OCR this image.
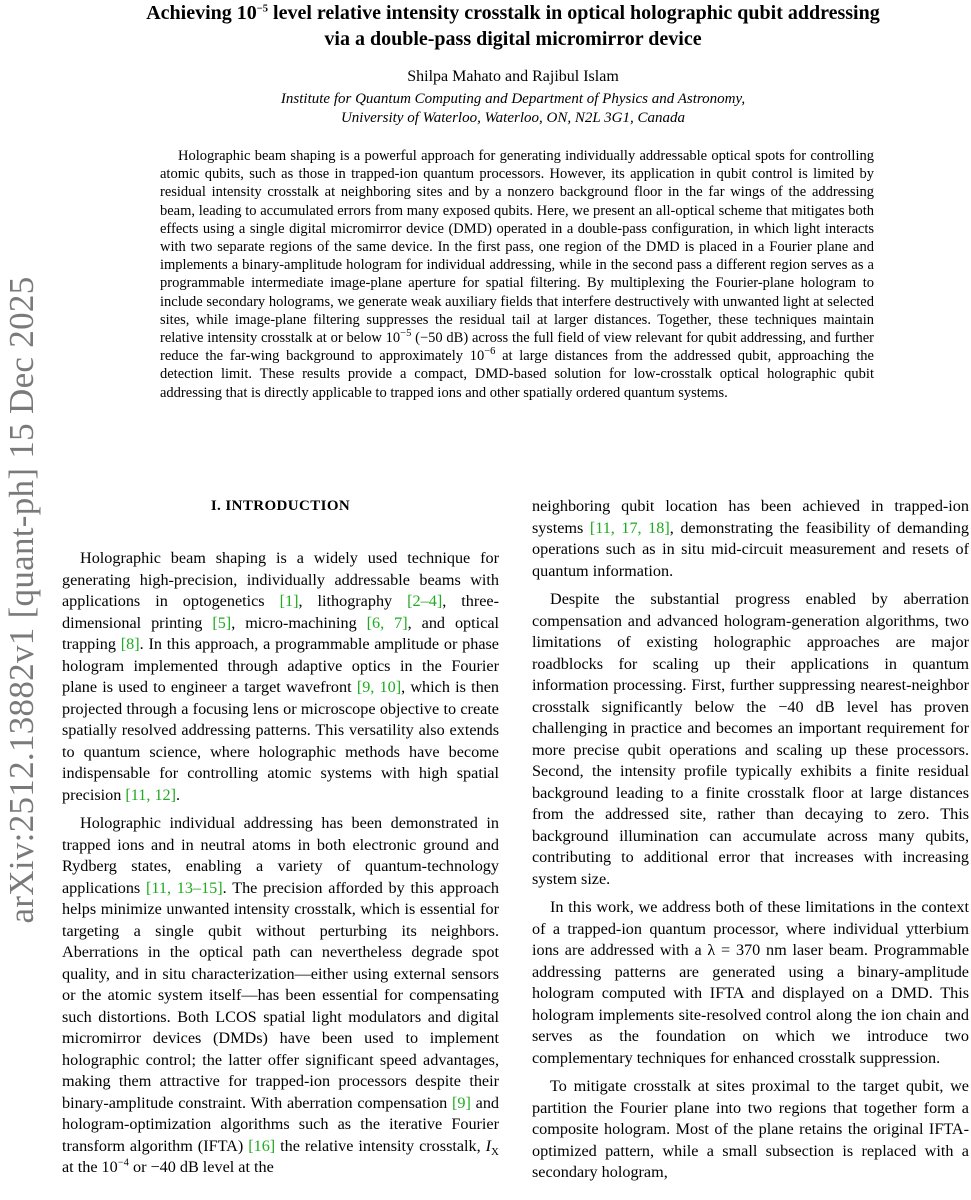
arXiv:2512.13882v1 [quant-ph] 15 Dec 2025
Achieving $10^{-5}$ level relative intensity crosstalk in optical holographic qubit addressing
via a double-pass digital micromirror device
Shilpa Mahato and Rajibul Islam
Institute for Quantum Computing and Department of Physics and Astronomy,
University of Waterloo, Waterloo, ON, N2L 3G1, Canada

Holographic beam shaping is a powerful approach for generating individually addressable optical spots for controlling atomic qubits, such as those in trapped-ion quantum processors. However, its application in qubit control is limited by residual intensity crosstalk at neighboring sites and by a nonzero background floor in the far wings of the addressing beam, leading to accumulated errors from many exposed qubits. Here, we present an all-optical scheme that mitigates both effects using a single digital micromirror device (DMD) operated in a double-pass configuration, in which light interacts with two separate regions of the same device. In the first pass, one region of the DMD is placed in a Fourier plane and implements a binary-amplitude hologram for individual addressing, while in the second pass a different region serves as a programmable intermediate image-plane aperture for spatial filtering. By multiplexing the Fourier-plane hologram to include secondary holograms, we generate weak auxiliary fields that interfere destructively with unwanted light at selected sites, while image-plane filtering suppresses the residual tail at larger distances. Together, these techniques maintain relative intensity crosstalk at or below $10^{-5}$ (−50 dB) across the full field of view relevant for qubit addressing, and further reduce the far-wing background to approximately $10^{-6}$ at large distances from the addressed qubit, approaching the detection limit. These results provide a compact, DMD-based solution for low-crosstalk optical holographic qubit addressing that is directly applicable to trapped ions and other spatially ordered quantum systems.

I. INTRODUCTION

Holographic beam shaping is a widely used technique for generating high-precision, individually addressable beams with applications in optogenetics [1], lithography [2–4], three-dimensional printing [5], micro-machining [6, 7], and optical trapping [8]. In this approach, a programmable amplitude or phase hologram implemented through adaptive optics in the Fourier plane is used to engineer a target wavefront [9, 10], which is then projected through a focusing lens or microscope objective to create spatially resolved addressing patterns. This versatility also extends to quantum science, where holographic methods have become indispensable for controlling atomic systems with high spatial precision [11, 12].

Holographic individual addressing has been demonstrated in trapped ions and in neutral atoms in both electronic ground and Rydberg states, enabling a variety of quantum-technology applications [11, 13–15]. The precision afforded by this approach helps minimize unwanted intensity crosstalk, which is essential for targeting a single qubit without perturbing its neighbors. Aberrations in the optical path can nevertheless degrade spot quality, and in situ characterization—either using external sensors or the atomic system itself—has been essential for compensating such distortions. Both LCOS spatial light modulators and digital micromirror devices (DMDs) have been used to implement holographic control; the latter offer significant speed advantages, making them attractive for trapped-ion processors despite their binary-amplitude constraint. With aberration compensation [9] and hologram-optimization algorithms such as the iterative Fourier transform algorithm (IFTA) [16] the relative intensity crosstalk, $I_X$ at the $10^{-4}$ or −40 dB level at the

neighboring qubit location has been achieved in trapped-ion systems [11, 17, 18], demonstrating the feasibility of demanding operations such as in situ mid-circuit measurement and resets of quantum information.

Despite the substantial progress enabled by aberration compensation and advanced hologram-generation algorithms, two limitations of existing holographic approaches are major roadblocks for scaling up their applications in quantum information processing. First, further suppressing nearest-neighbor crosstalk significantly below the −40 dB level has proven challenging in practice and becomes an important requirement for more precise qubit operations and scaling up these processors. Second, the intensity profile typically exhibits a finite residual background leading to a finite crosstalk floor at large distances from the addressed site, rather than decaying to zero. This background illumination can accumulate across many qubits, contributing to additional error that increases with increasing system size.

In this work, we address both of these limitations in the context of a trapped-ion quantum processor, where individual ytterbium ions are addressed with a λ = 370 nm laser beam. Programmable addressing patterns are generated using a binary-amplitude hologram computed with IFTA and displayed on a DMD. This hologram implements site-resolved control along the ion chain and serves as the foundation on which we introduce two complementary techniques for enhanced crosstalk suppression.

To mitigate crosstalk at sites proximal to the target qubit, we partition the Fourier plane into two regions that together form a composite hologram. Most of the plane retains the original IFTA-optimized pattern, while a small subsection is replaced with a secondary hologram,
